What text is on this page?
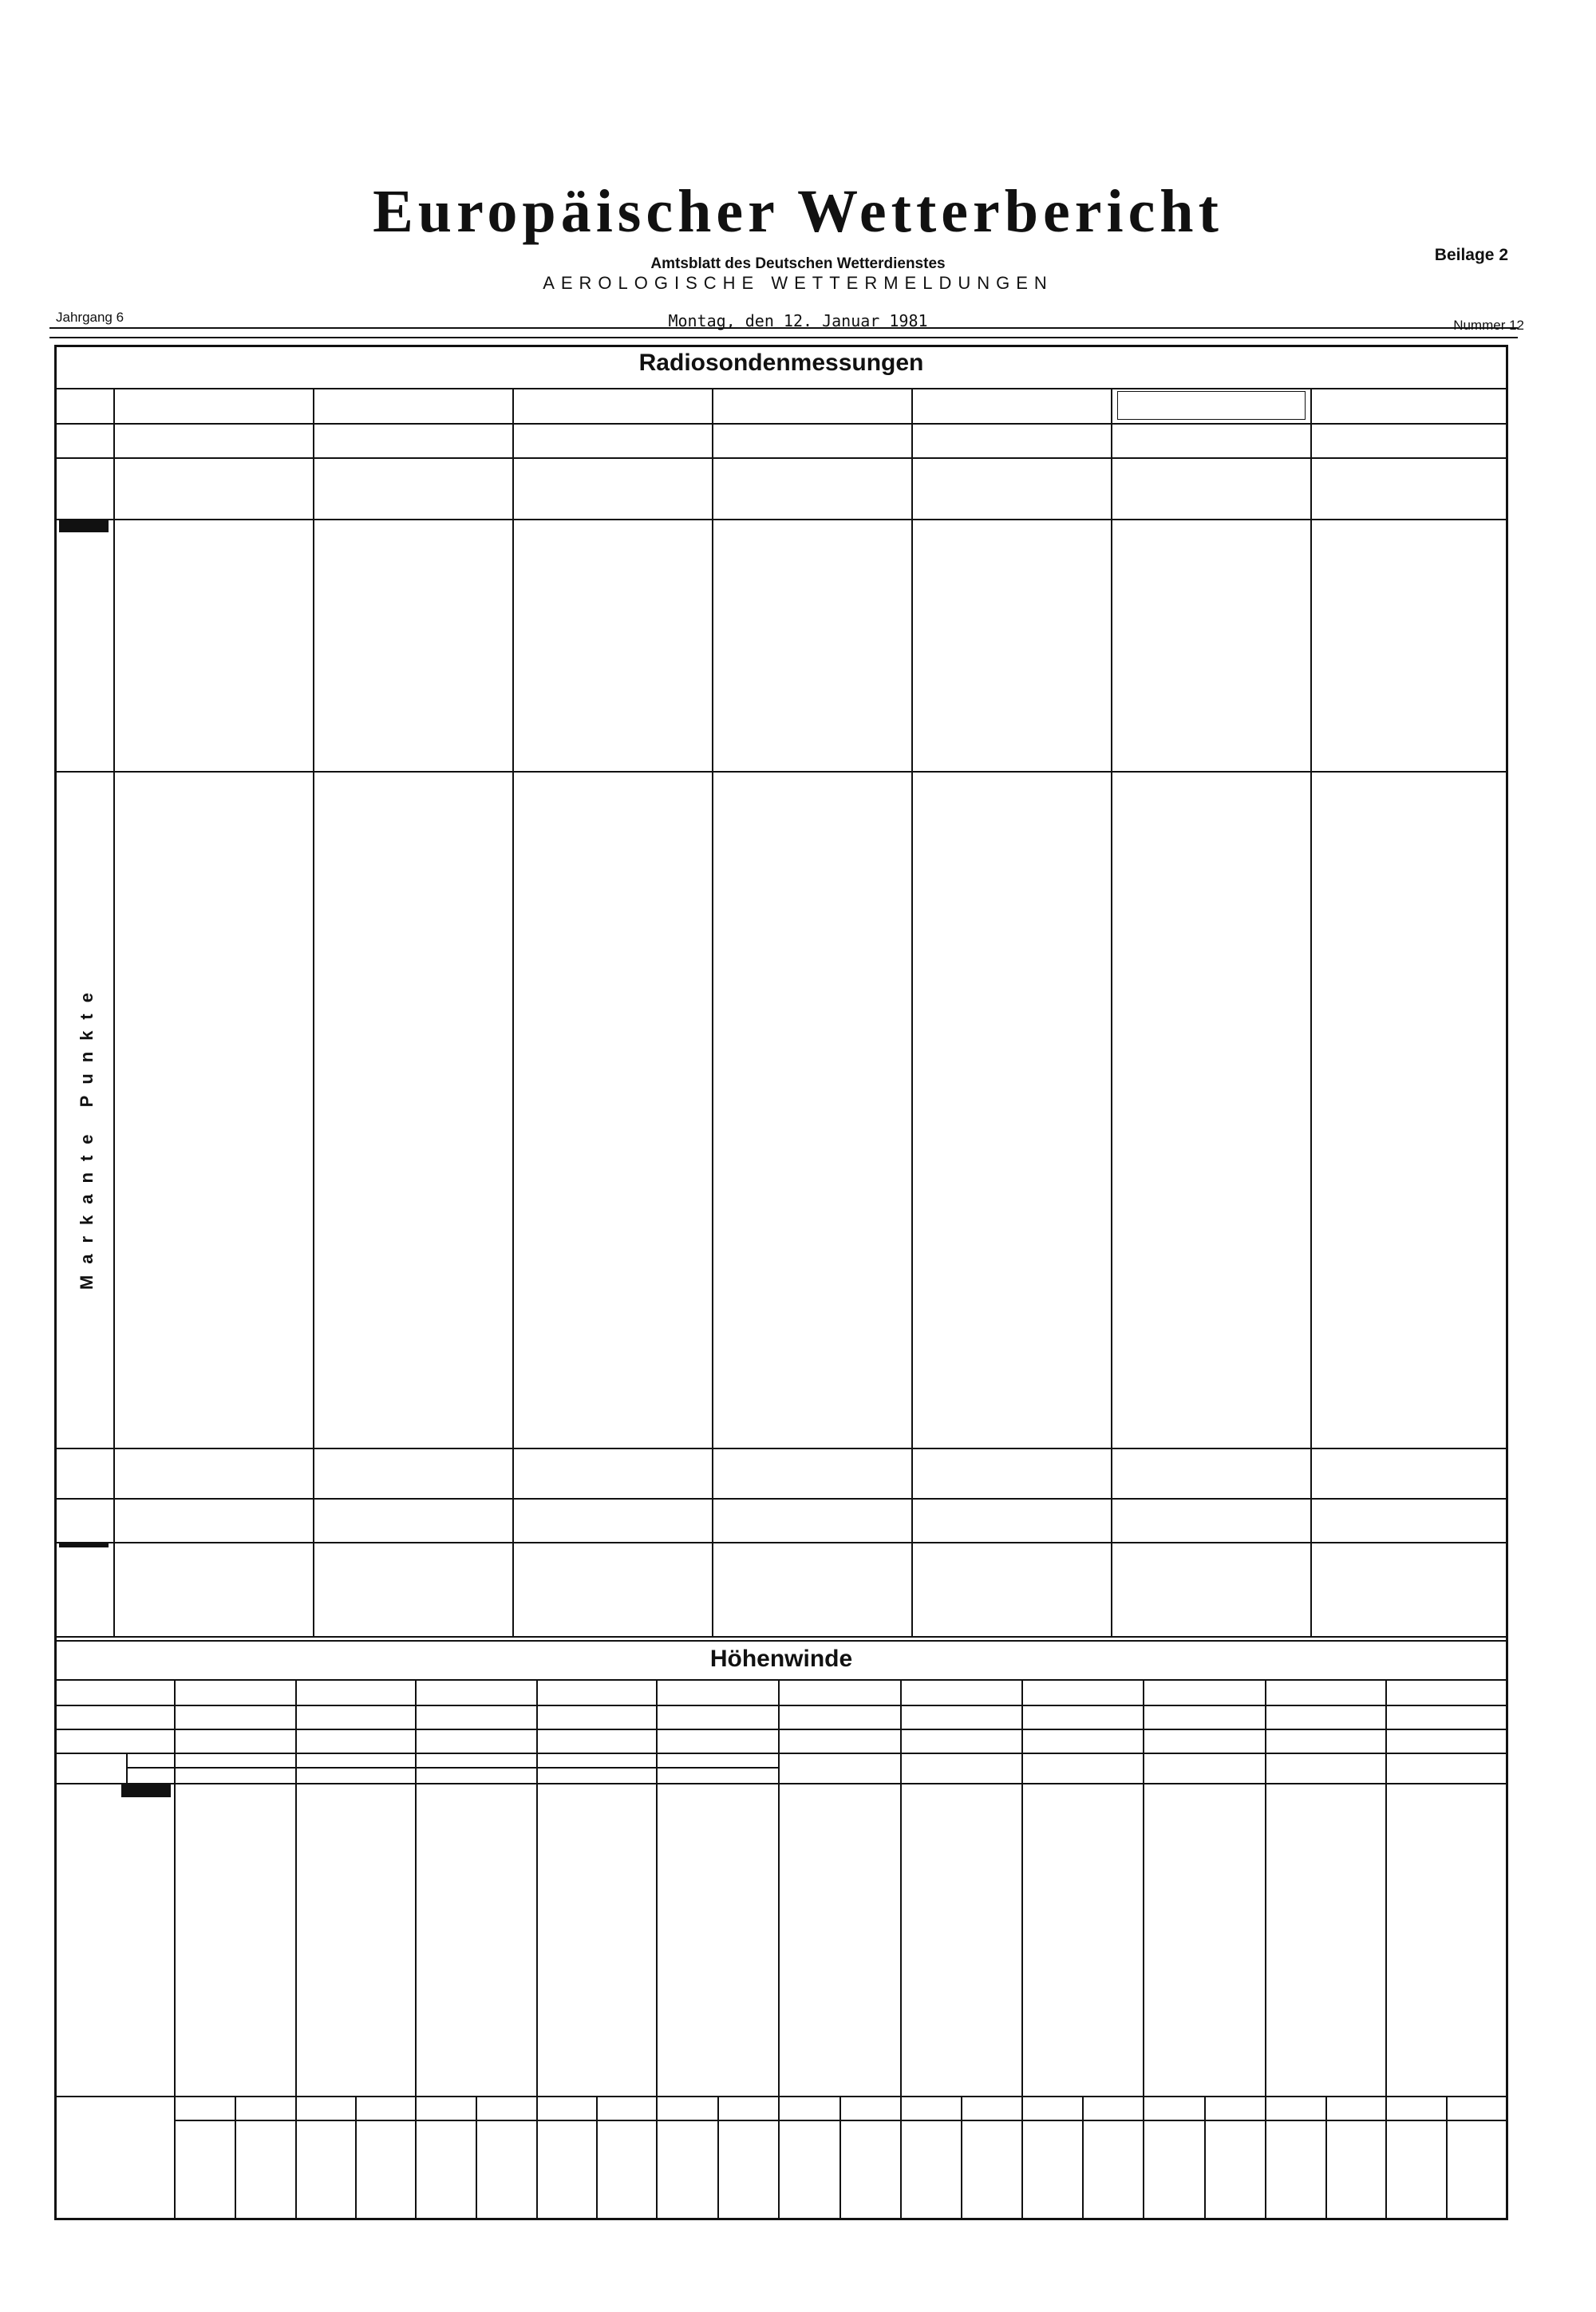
Europäischer Wetterbericht
Amtsblatt des Deutschen Wetterdienstes
AEROLOGISCHE WETTERMELDUNGEN
Beilage 2
Jahrgang 6	Montag, den 12. Januar 1981	Nummer 12
Radiosondenmessungen
Markante Punkte
Höhenwinde
